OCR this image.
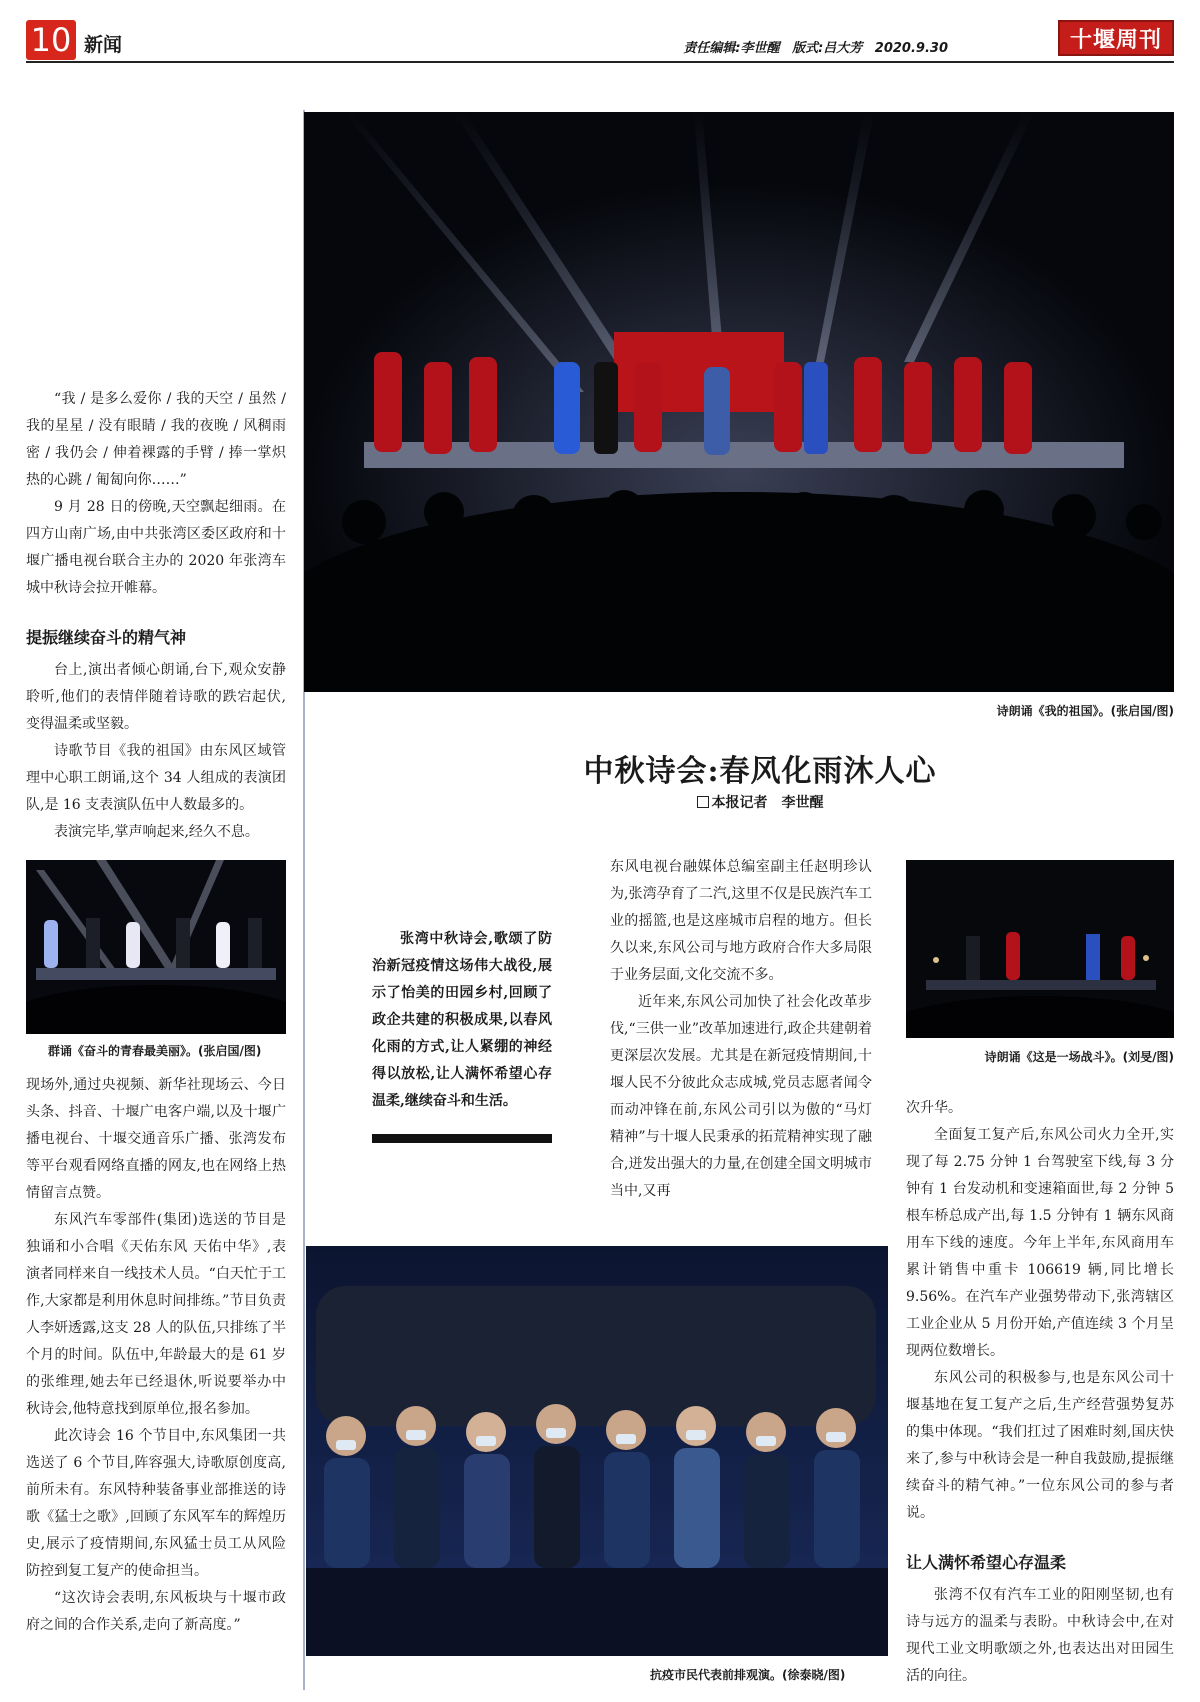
10 新闻	责任编辑:李世醒 版式:吕大芳 2020.9.30	十堰周刊
诗朗诵《我的祖国》。(张启国/图)
中秋诗会:春风化雨沐人心
本报记者 李世醒

“我 / 是多么爱你 / 我的天空 / 虽然 / 我的星星 / 没有眼睛 / 我的夜晚 / 风稠雨密 / 我仍会 / 伸着裸露的手臂 / 捧一掌炽热的心跳 / 匍匐向你……”

9 月 28 日的傍晚,天空飘起细雨。在四方山南广场,由中共张湾区委区政府和十堰广播电视台联合主办的 2020 年张湾车城中秋诗会拉开帷幕。

提振继续奋斗的精气神

台上,演出者倾心朗诵,台下,观众安静聆听,他们的表情伴随着诗歌的跌宕起伏,变得温柔或坚毅。

诗歌节目《我的祖国》由东风区域管理中心职工朗诵,这个 34 人组成的表演团队,是 16 支表演队伍中人数最多的。

表演完毕,掌声响起来,经久不息。

群诵《奋斗的青春最美丽》。(张启国/图)

现场外,通过央视频、新华社现场云、今日头条、抖音、十堰广电客户端,以及十堰广播电视台、十堰交通音乐广播、张湾发布等平台观看网络直播的网友,也在网络上热情留言点赞。

东风汽车零部件(集团)选送的节目是独诵和小合唱《天佑东风 天佑中华》,表演者同样来自一线技术人员。“白天忙于工作,大家都是利用休息时间排练。”节目负责人李妍透露,这支 28 人的队伍,只排练了半个月的时间。队伍中,年龄最大的是 61 岁的张维理,她去年已经退休,听说要举办中秋诗会,他特意找到原单位,报名参加。

此次诗会 16 个节目中,东风集团一共选送了 6 个节目,阵容强大,诗歌原创度高,前所未有。东风特种装备事业部推送的诗歌《猛士之歌》,回顾了东风军车的辉煌历史,展示了疫情期间,东风猛士员工从风险防控到复工复产的使命担当。

“这次诗会表明,东风板块与十堰市政府之间的合作关系,走向了新高度。”

张湾中秋诗会,歌颂了防治新冠疫情这场伟大战役,展示了怡美的田园乡村,回顾了政企共建的积极成果,以春风化雨的方式,让人紧绷的神经得以放松,让人满怀希望心存温柔,继续奋斗和生活。

东风电视台融媒体总编室副主任赵明珍认为,张湾孕育了二汽,这里不仅是民族汽车工业的摇篮,也是这座城市启程的地方。但长久以来,东风公司与地方政府合作大多局限于业务层面,文化交流不多。

近年来,东风公司加快了社会化改革步伐,“三供一业”改革加速进行,政企共建朝着更深层次发展。尤其是在新冠疫情期间,十堰人民不分彼此众志成城,党员志愿者闻令而动冲锋在前,东风公司引以为傲的“马灯精神”与十堰人民秉承的拓荒精神实现了融合,迸发出强大的力量,在创建全国文明城市当中,又再

诗朗诵《这是一场战斗》。(刘旻/图)

次升华。

全面复工复产后,东风公司火力全开,实现了每 2.75 分钟 1 台驾驶室下线,每 3 分钟有 1 台发动机和变速箱面世,每 2 分钟 5 根车桥总成产出,每 1.5 分钟有 1 辆东风商用车下线的速度。今年上半年,东风商用车累计销售中重卡 106619 辆,同比增长 9.56%。在汽车产业强势带动下,张湾辖区工业企业从 5 月份开始,产值连续 3 个月呈现两位数增长。

东风公司的积极参与,也是东风公司十堰基地在复工复产之后,生产经营强势复苏的集中体现。“我们扛过了困难时刻,国庆快来了,参与中秋诗会是一种自我鼓励,提振继续奋斗的精气神。”一位东风公司的参与者说。

让人满怀希望心存温柔

张湾不仅有汽车工业的阳刚坚韧,也有诗与远方的温柔与表盼。中秋诗会中,在对现代工业文明歌颂之外,也表达出对田园生活的向往。

抗疫市民代表前排观演。(徐泰晓/图)
